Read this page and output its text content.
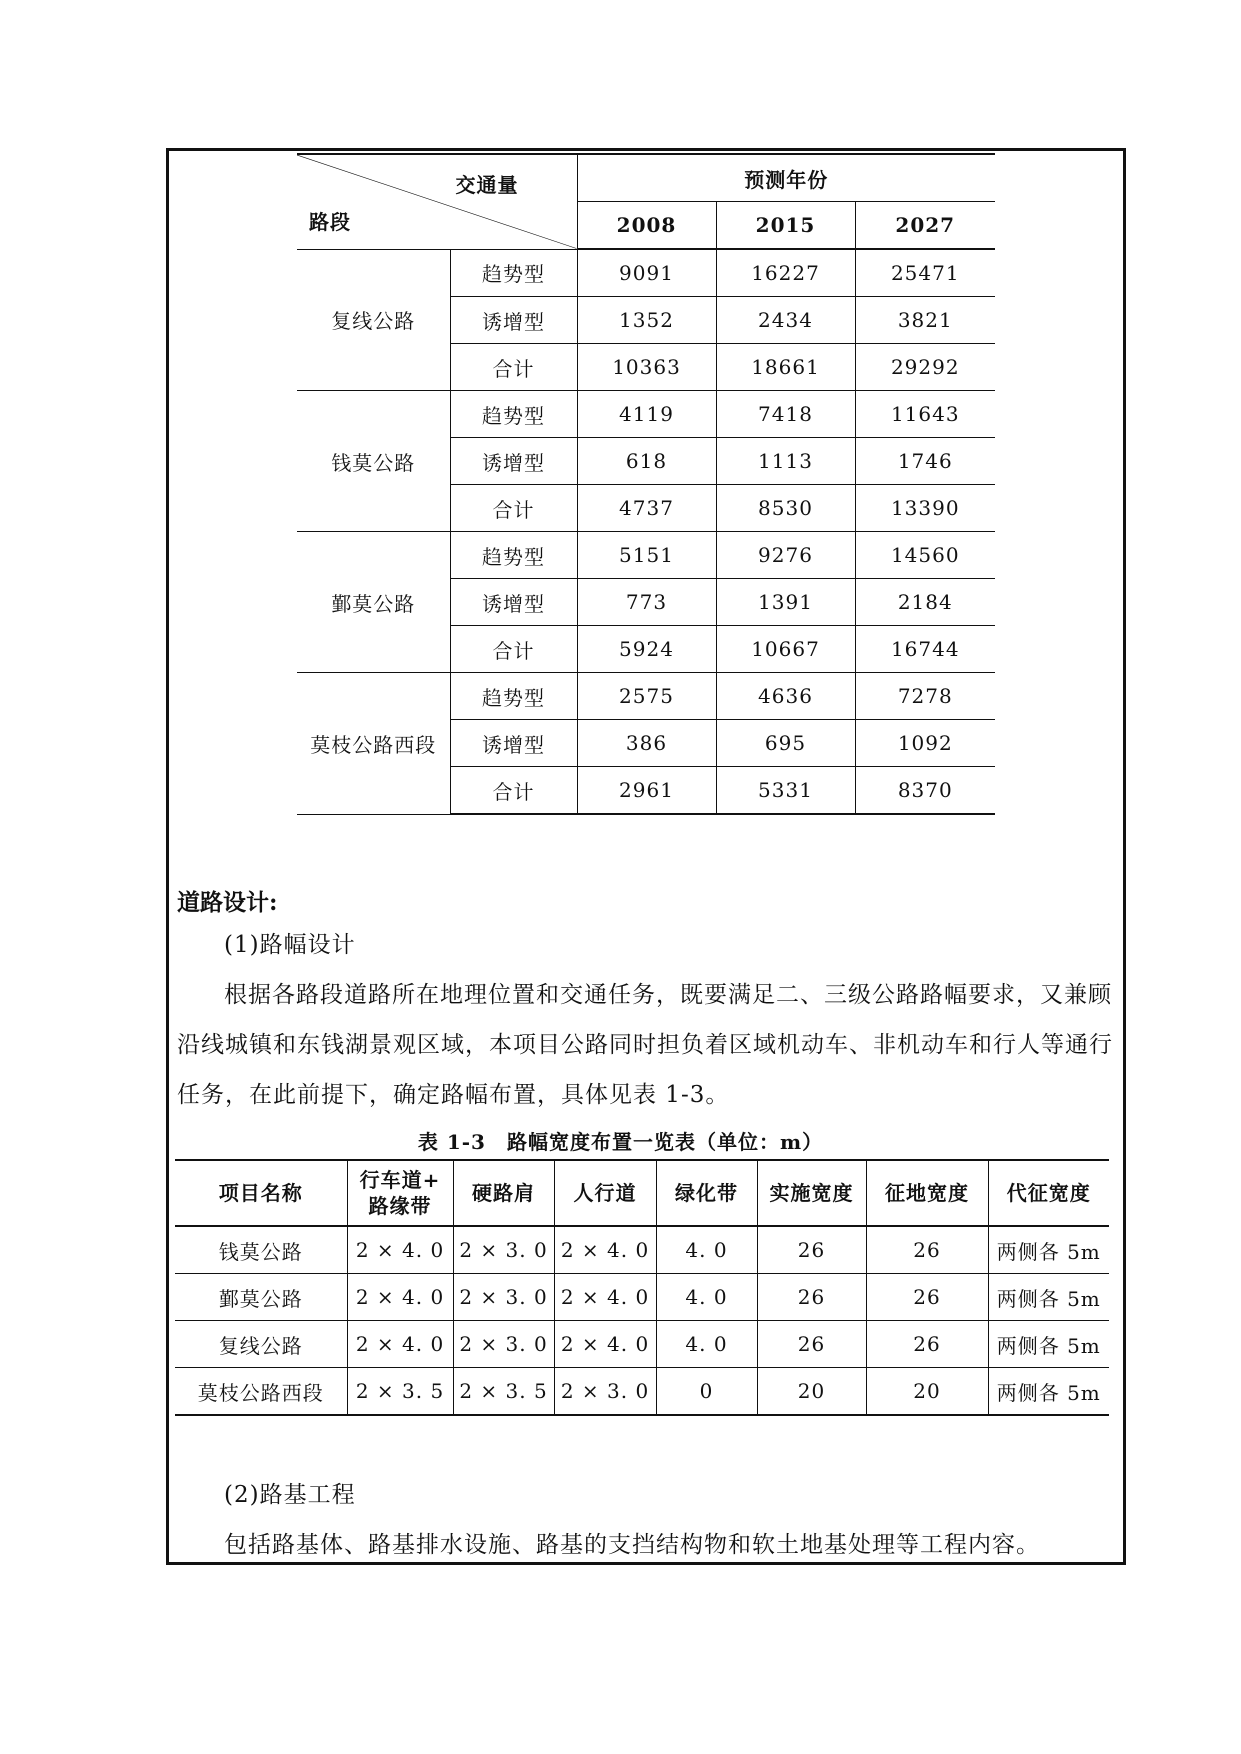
交通量
路段		预测年份		
		2008	2015	2027
复线公路	趋势型	9091	16227	25471
	诱增型	1352	2434	3821
	合计	10363	18661	29292
钱莫公路	趋势型	4119	7418	11643
	诱增型	618	1113	1746
	合计	4737	8530	13390
鄞莫公路	趋势型	5151	9276	14560
	诱增型	773	1391	2184
	合计	5924	10667	16744
莫枝公路西段	趋势型	2575	4636	7278
	诱增型	386	695	1092
	合计	2961	5331	8370
道路设计:
(1)路幅设计
根据各路段道路所在地理位置和交通任务，既要满足二、三级公路路幅要求，又兼顾沿线城镇和东钱湖景观区域，本项目公路同时担负着区域机动车、非机动车和行人等通行任务，在此前提下，确定路幅布置，具体见表 1-3。
表 1-3　路幅宽度布置一览表（单位：m）
项目名称	行车道+
路缘带	硬路肩	人行道	绿化带	实施宽度	征地宽度	代征宽度
钱莫公路	2 × 4. 0	2 × 3. 0	2 × 4. 0	4. 0	26	26	两侧各 5m
鄞莫公路	2 × 4. 0	2 × 3. 0	2 × 4. 0	4. 0	26	26	两侧各 5m
复线公路	2 × 4. 0	2 × 3. 0	2 × 4. 0	4. 0	26	26	两侧各 5m
莫枝公路西段	2 × 3. 5	2 × 3. 5	2 × 3. 0	0	20	20	两侧各 5m
(2)路基工程
包括路基体、路基排水设施、路基的支挡结构物和软土地基处理等工程内容。
